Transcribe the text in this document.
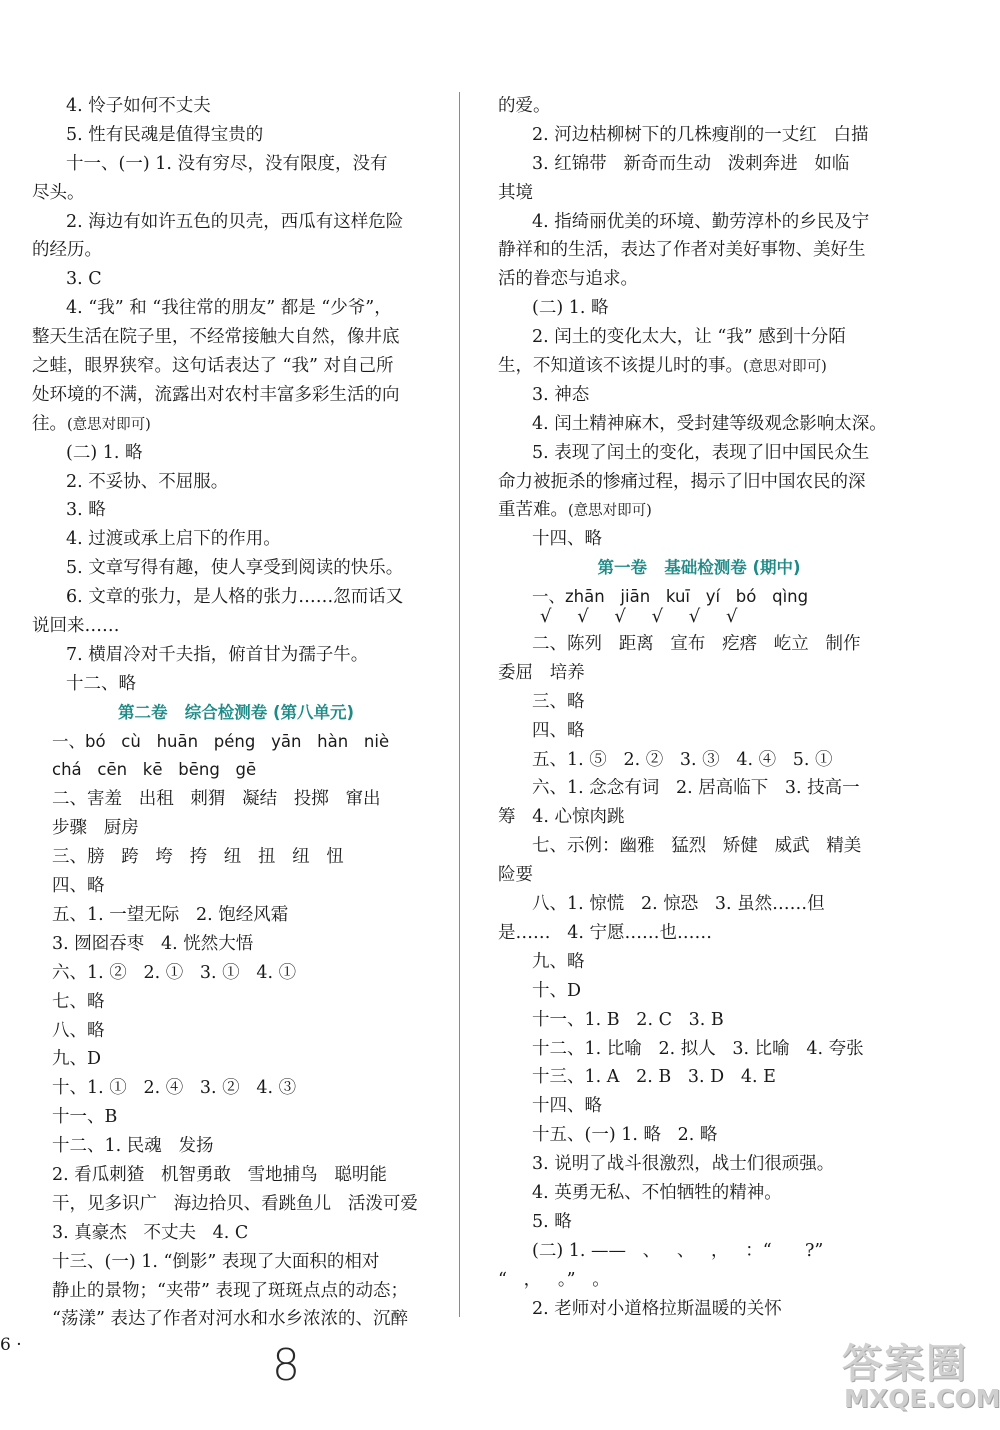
4. 怜子如何不丈夫
5. 性有民魂是值得宝贵的
十一、(一) 1. 没有穷尽，没有限度，没有
尽头。
2. 海边有如许五色的贝壳，西瓜有这样危险
的经历。
3. C
4. “我” 和 “我往常的朋友” 都是 “少爷”，
整天生活在院子里，不经常接触大自然，像井底
之蛙，眼界狭窄。这句话表达了 “我” 对自己所
处环境的不满，流露出对农村丰富多彩生活的向
往。(意思对即可)
(二) 1. 略
2. 不妥协、不屈服。
3. 略
4. 过渡或承上启下的作用。
5. 文章写得有趣，使人享受到阅读的快乐。
6. 文章的张力，是人格的张力……忽而话又
说回来……
7. 横眉冷对千夫指，俯首甘为孺子牛。
十二、略
第二卷   综合检测卷 (第八单元)
一、bó   cù   huān   péng   yān   hàn   niè
chá   cēn   kē   bēng   gē
二、害羞   出租   刺猬   凝结   投掷   窜出
步骤   厨房
三、膀   跨   垮   挎   纽   扭   纽   忸
四、略
五、1. 一望无际   2. 饱经风霜
3. 囫囵吞枣   4. 恍然大悟
六、1. ②   2. ①   3. ①   4. ①
七、略
八、略
九、D
十、1. ①   2. ④   3. ②   4. ③
十一、B
十二、1. 民魂   发扬
2. 看瓜刺猹   机智勇敢   雪地捕鸟   聪明能
干，见多识广   海边拾贝、看跳鱼儿   活泼可爱
3. 真豪杰   不丈夫   4. C
十三、(一) 1. “倒影” 表现了大面积的相对
静止的景物；“夹带” 表现了斑斑点点的动态；
“荡漾” 表达了作者对河水和水乡浓浓的、沉醉
的爱。
2. 河边枯柳树下的几株瘦削的一丈红   白描
3. 红锦带   新奇而生动   泼刺奔进   如临
其境
4. 指绮丽优美的环境、勤劳淳朴的乡民及宁
静祥和的生活，表达了作者对美好事物、美好生
活的眷恋与追求。
(二) 1. 略
2. 闰土的变化太大，让 “我” 感到十分陌
生，不知道该不该提儿时的事。(意思对即可)
3. 神态
4. 闰土精神麻木，受封建等级观念影响太深。
5. 表现了闰土的变化，表现了旧中国民众生
命力被扼杀的惨痛过程，揭示了旧中国农民的深
重苦难。(意思对即可)
十四、略
第一卷   基础检测卷 (期中)
一、zhān   jiān   kuī   yí   bó   qìng
√ √ √ √ √ √
二、陈列   距离   宣布   疙瘩   屹立   制作
委屈   培养
三、略
四、略
五、1. ⑤   2. ②   3. ③   4. ④   5. ①
六、1. 念念有词   2. 居高临下   3. 技高一
筹   4. 心惊肉跳
七、示例：幽雅   猛烈   矫健   威武   精美
险要
八、1. 惊慌   2. 惊恐   3. 虽然……但
是……   4. 宁愿……也……
九、略
十、D
十一、1. B   2. C   3. B
十二、1. 比喻   2. 拟人   3. 比喻   4. 夸张
十三、1. A   2. B   3. D   4. E
十四、略
十五、(一) 1. 略   2. 略
3. 说明了战斗很激烈，战士们很顽强。
4. 英勇无私、不怕牺牲的精神。
5. 略
(二) 1. ——   、   、   ，   ：“      ?”
“   ，   。”   。
2. 老师对小道格拉斯温暖的关怀
6 ·	8	答案圈
MXQE.COM
